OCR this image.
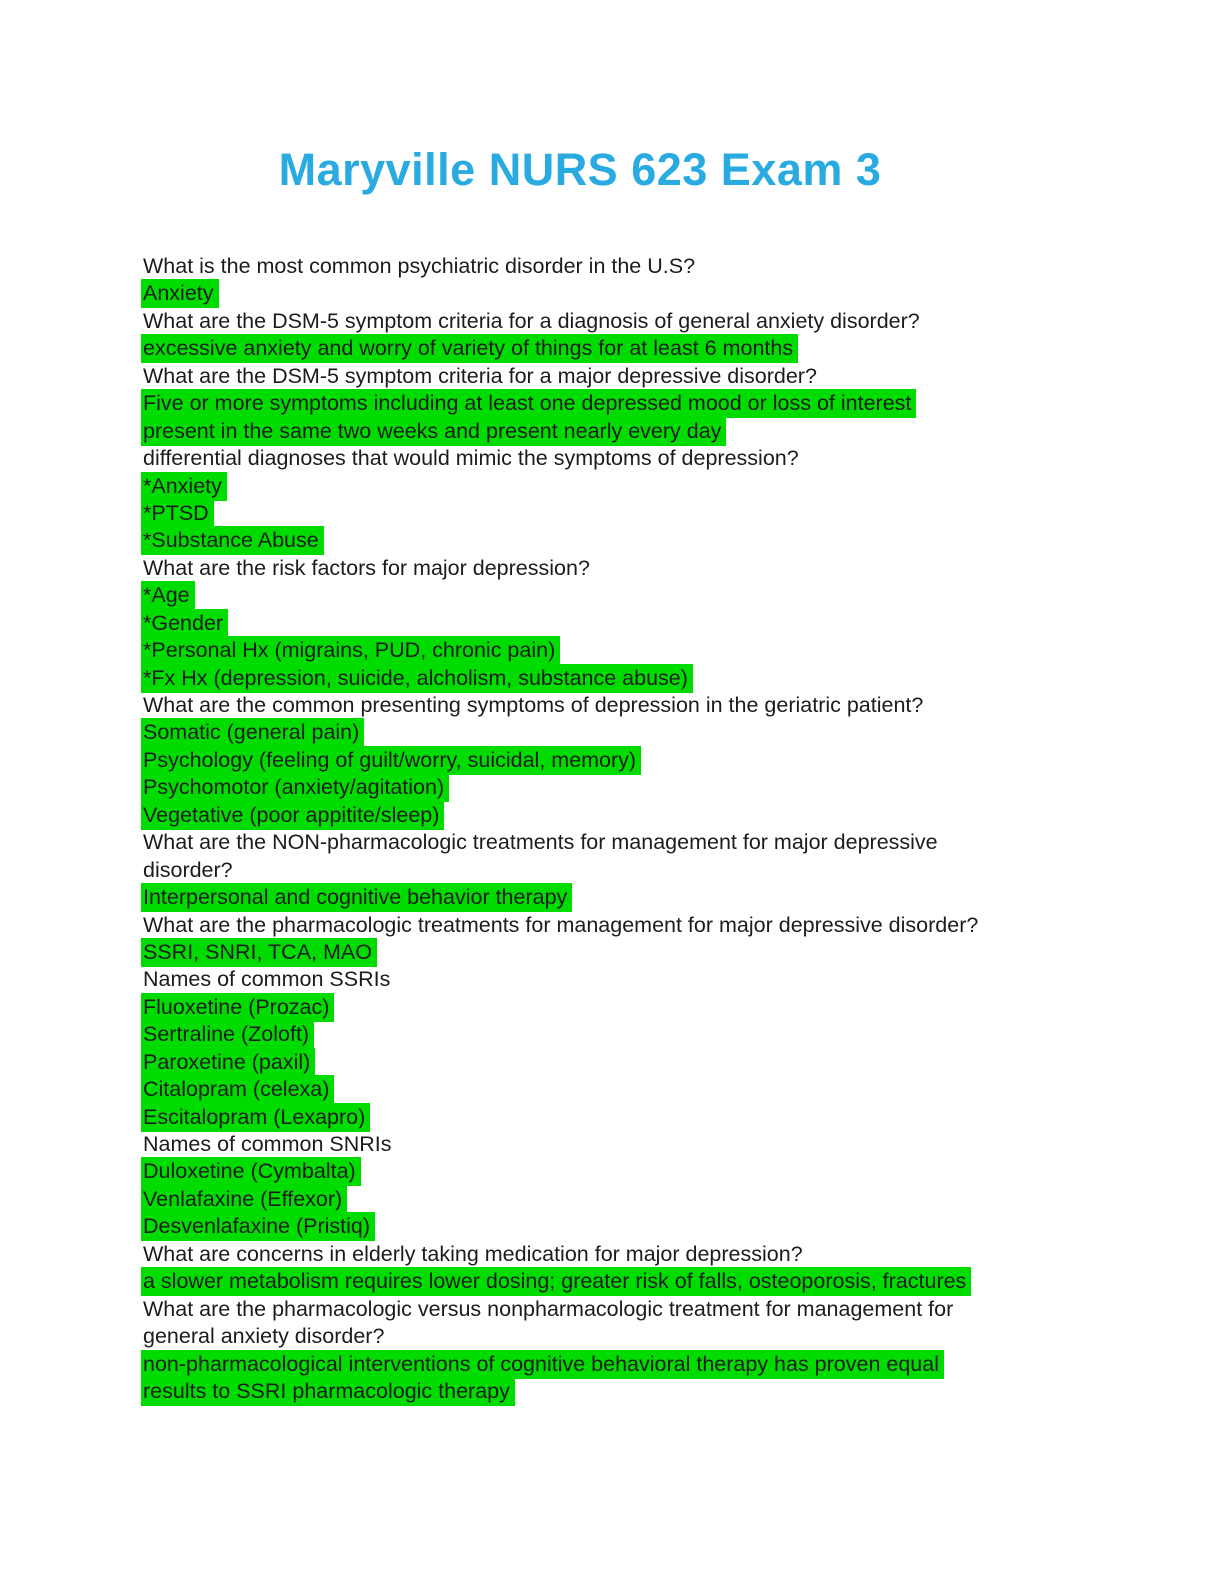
Maryville NURS 623 Exam 3
What is the most common psychiatric disorder in the U.S?
Anxiety
What are the DSM-5 symptom criteria for a diagnosis of general anxiety disorder?
excessive anxiety and worry of variety of things for at least 6 months
What are the DSM-5 symptom criteria for a major depressive disorder?
Five or more symptoms including at least one depressed mood or loss of interest
present in the same two weeks and present nearly every day
differential diagnoses that would mimic the symptoms of depression?
*Anxiety
*PTSD
*Substance Abuse
What are the risk factors for major depression?
*Age
*Gender
*Personal Hx (migrains, PUD, chronic pain)
*Fx Hx (depression, suicide, alcholism, substance abuse)
What are the common presenting symptoms of depression in the geriatric patient?
Somatic (general pain)
Psychology (feeling of guilt/worry, suicidal, memory)
Psychomotor (anxiety/agitation)
Vegetative (poor appitite/sleep)
What are the NON-pharmacologic treatments for management for major depressive
disorder?
Interpersonal and cognitive behavior therapy
What are the pharmacologic treatments for management for major depressive disorder?
SSRI, SNRI, TCA, MAO
Names of common SSRIs
Fluoxetine (Prozac)
Sertraline (Zoloft)
Paroxetine (paxil)
Citalopram (celexa)
Escitalopram (Lexapro)
Names of common SNRIs
Duloxetine (Cymbalta)
Venlafaxine (Effexor)
Desvenlafaxine (Pristiq)
What are concerns in elderly taking medication for major depression?
a slower metabolism requires lower dosing; greater risk of falls, osteoporosis, fractures
What are the pharmacologic versus nonpharmacologic treatment for management for
general anxiety disorder?
non-pharmacological interventions of cognitive behavioral therapy has proven equal
results to SSRI pharmacologic therapy
